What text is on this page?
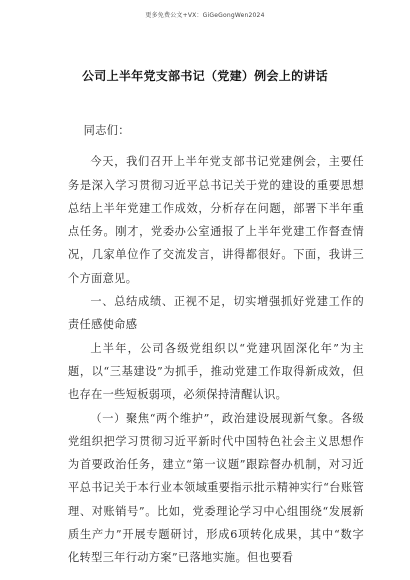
更多免费公文+VX：GiGeGongWen2024
公司上半年党支部书记（党建）例会上的讲话

同志们：

今天，我们召开上半年党支部书记党建例会，主要任务是深入学习贯彻习近平总书记关于党的建设的重要思想总结上半年党建工作成效，分析存在问题，部署下半年重点任务。刚才，党委办公室通报了上半年党建工作督查情况，几家单位作了交流发言，讲得都很好。下面，我讲三个方面意见。

一、总结成绩、正视不足，切实增强抓好党建工作的责任感使命感

上半年，公司各级党组织以“党建巩固深化年”为主题，以“三基建设”为抓手，推动党建工作取得新成效，但也存在一些短板弱项，必须保持清醒认识。

（一）聚焦“两个维护”，政治建设展现新气象。各级党组织把学习贯彻习近平新时代中国特色社会主义思想作为首要政治任务，建立“第一议题”跟踪督办机制，对习近平总书记关于本行业本领域重要指示批示精神实行“台账管理、对账销号”。比如，党委理论学习中心组围绕“发展新质生产力”开展专题研讨，形成6项转化成果，其中“数字化转型三年行动方案”已落地实施。但也要看
